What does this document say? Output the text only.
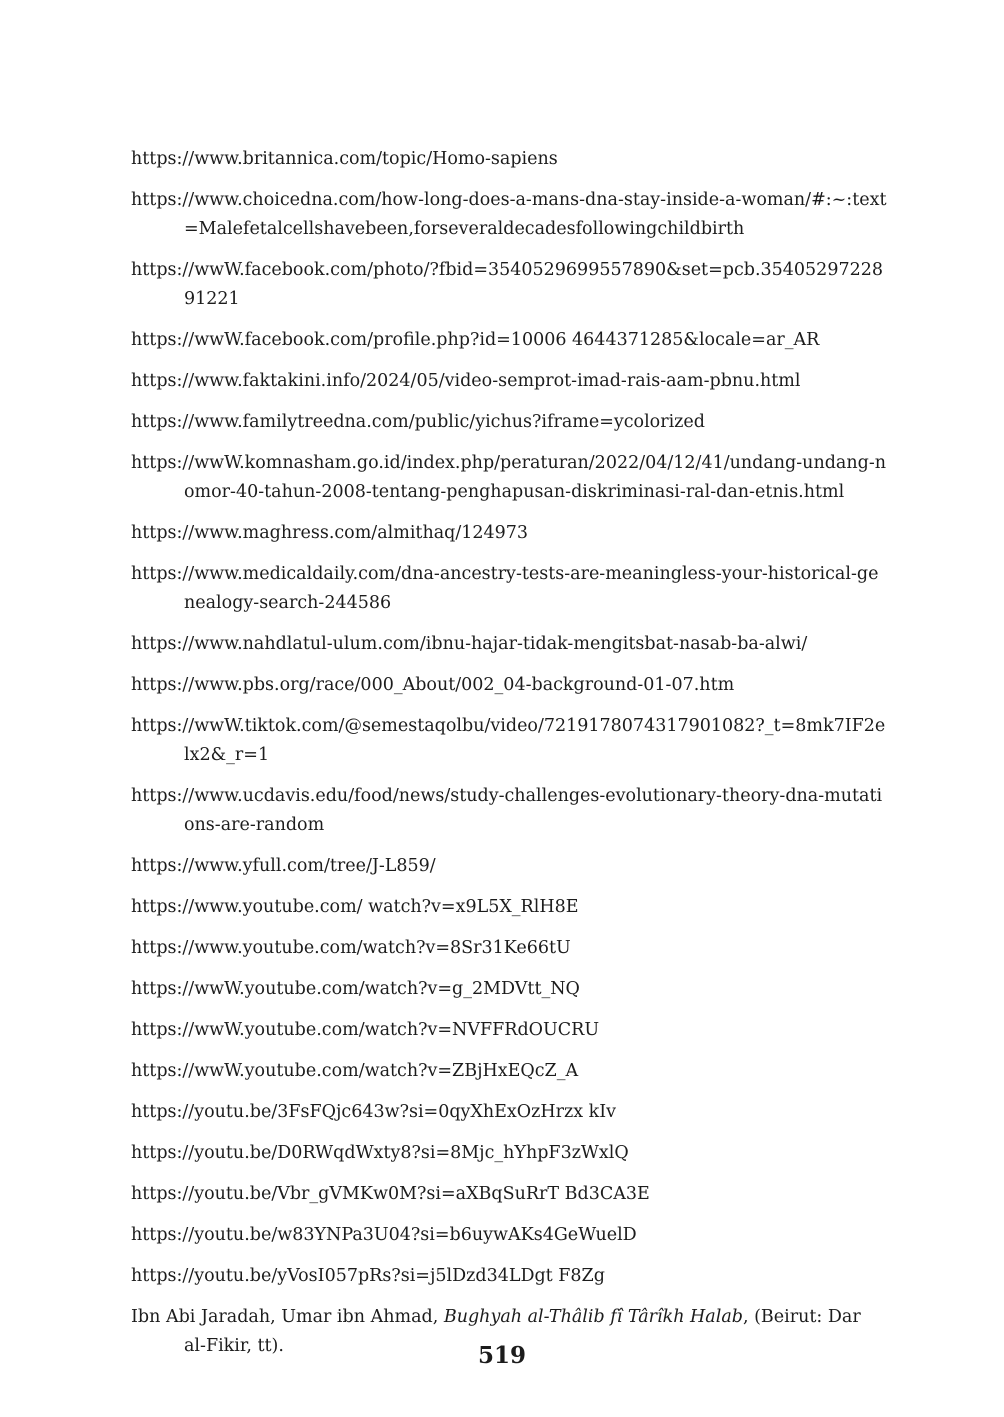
https://www.britannica.com/topic/Homo-sapiens

https://www.choicedna.com/how-long-does-a-mans-dna-stay-inside-a-woman/#:~:text=Malefetalcellshavebeen,forseveraldecadesfollowingchildbirth

https://wwW.facebook.com/photo/?fbid=3540529699557890&set=pcb.3540529722891221

https://wwW.facebook.com/profile.php?id=10006 4644371285&locale=ar_AR

https://www.faktakini.info/2024/05/video-semprot-imad-rais-aam-pbnu.html

https://www.familytreedna.com/public/yichus?iframe=ycolorized

https://wwW.komnasham.go.id/index.php/peraturan/2022/04/12/41/undang-undang-nomor-40-tahun-2008-tentang-penghapusan-diskriminasi-ral-dan-etnis.html

https://www.maghress.com/almithaq/124973

https://www.medicaldaily.com/dna-ancestry-tests-are-meaningless-your-historical-genealogy-search-244586

https://www.nahdlatul-ulum.com/ibnu-hajar-tidak-mengitsbat-nasab-ba-alwi/

https://www.pbs.org/race/000_About/002_04-background-01-07.htm

https://wwW.tiktok.com/@semestaqolbu/video/7219178074317901082?_t=8mk7IF2elx2&_r=1

https://www.ucdavis.edu/food/news/study-challenges-evolutionary-theory-dna-mutations-are-random

https://www.yfull.com/tree/J-L859/

https://www.youtube.com/ watch?v=x9L5X_RlH8E

https://www.youtube.com/watch?v=8Sr31Ke66tU

https://wwW.youtube.com/watch?v=g_2MDVtt_NQ

https://wwW.youtube.com/watch?v=NVFFRdOUCRU

https://wwW.youtube.com/watch?v=ZBjHxEQcZ_A

https://youtu.be/3FsFQjc643w?si=0qyXhExOzHrzx kIv

https://youtu.be/D0RWqdWxty8?si=8Mjc_hYhpF3zWxlQ

https://youtu.be/Vbr_gVMKw0M?si=aXBqSuRrT Bd3CA3E

https://youtu.be/w83YNPa3U04?si=b6uywAKs4GeWuelD

https://youtu.be/yVosI057pRs?si=j5lDzd34LDgt F8Zg

Ibn Abi Jaradah, Umar ibn Ahmad, Bughyah al-Thâlib fî Târîkh Halab, (Beirut: Dar al-Fikir, tt).	519
